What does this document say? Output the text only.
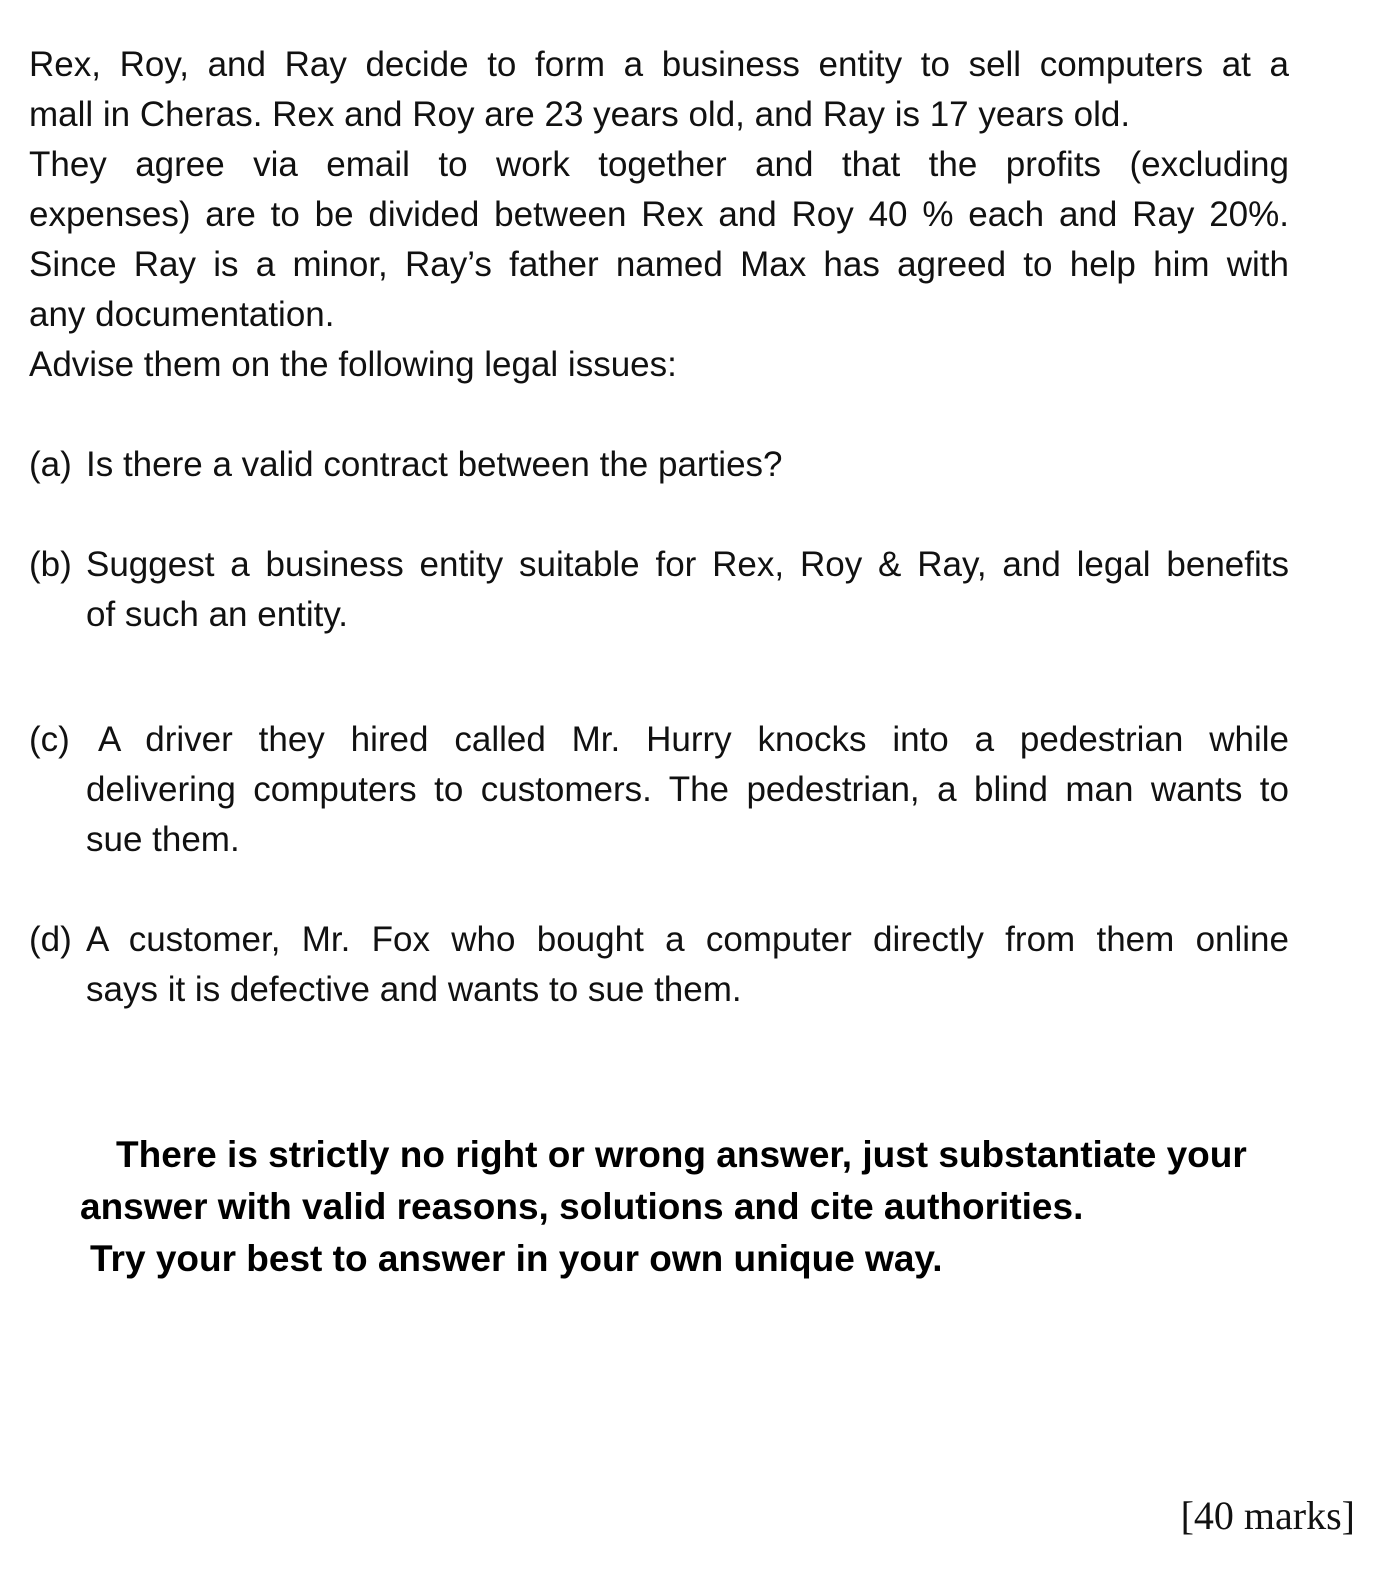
Rex, Roy, and Ray decide to form a business entity to sell computers at a
mall in Cheras. Rex and Roy are 23 years old, and Ray is 17 years old.
They agree via email to work together and that the profits (excluding
expenses) are to be divided between Rex and Roy 40 % each and Ray 20%.
Since Ray is a minor, Ray’s father named Max has agreed to help him with
any documentation.
Advise them on the following legal issues:
(a) Is there a valid contract between the parties?
(b) Suggest a business entity suitable for Rex, Roy & Ray, and legal benefits
of such an entity.
(c) A driver they hired called Mr. Hurry knocks into a pedestrian while
delivering computers to customers. The pedestrian, a blind man wants to
sue them.
(d) A customer, Mr. Fox who bought a computer directly from them online
says it is defective and wants to sue them.
There is strictly no right or wrong answer, just substantiate your
answer with valid reasons, solutions and cite authorities.
Try your best to answer in your own unique way.
[40 marks]
